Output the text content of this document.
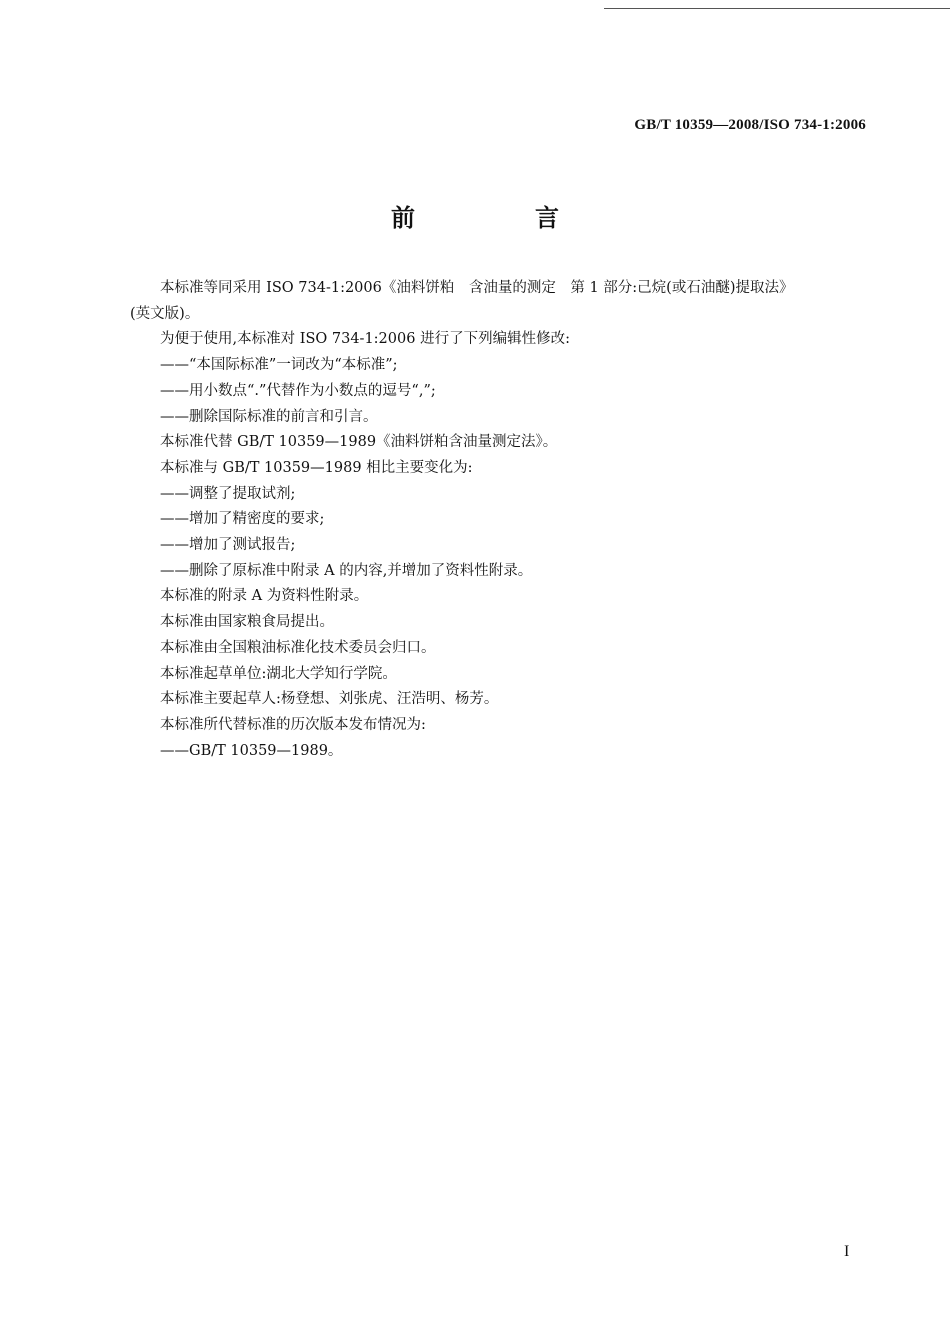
GB/T 10359—2008/ISO 734-1:2006
前　言

本标准等同采用 ISO 734-1:2006《油料饼粕　含油量的测定　第 1 部分:己烷(或石油醚)提取法》

(英文版)。

为便于使用,本标准对 ISO 734-1:2006 进行了下列编辑性修改:

——“本国际标准”一词改为“本标准”;

——用小数点“.”代替作为小数点的逗号“,”;

——删除国际标准的前言和引言。

本标准代替 GB/T 10359—1989《油料饼粕含油量测定法》。

本标准与 GB/T 10359—1989 相比主要变化为:

——调整了提取试剂;

——增加了精密度的要求;

——增加了测试报告;

——删除了原标准中附录 A 的内容,并增加了资料性附录。

本标准的附录 A 为资料性附录。

本标准由国家粮食局提出。

本标准由全国粮油标准化技术委员会归口。

本标准起草单位:湖北大学知行学院。

本标准主要起草人:杨登想、刘张虎、汪浩明、杨芳。

本标准所代替标准的历次版本发布情况为:

——GB/T 10359—1989。

I
